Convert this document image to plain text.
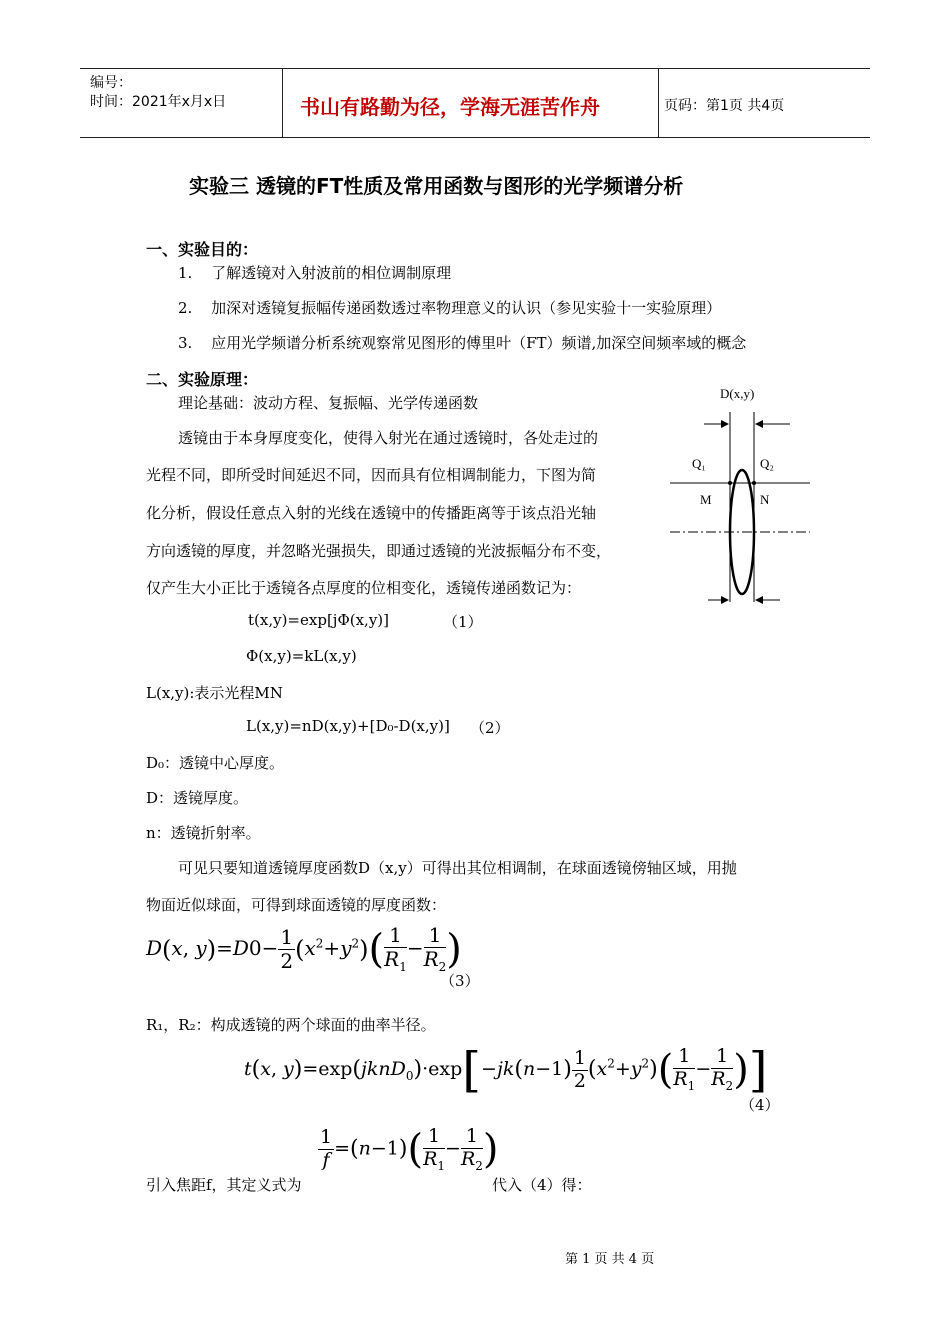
编号：
时间：2021年x月x日	书山有路勤为径，学海无涯苦作舟	页码：第1页 共4页
实验三 透镜的FT性质及常用函数与图形的光学频谱分析
一、实验目的：
1. 了解透镜对入射波前的相位调制原理
2. 加深对透镜复振幅传递函数透过率物理意义的认识（参见实验十一实验原理）
3. 应用光学频谱分析系统观察常见图形的傅里叶（FT）频谱,加深空间频率域的概念
二、实验原理：
理论基础：波动方程、复振幅、光学传递函数
透镜由于本身厚度变化，使得入射光在通过透镜时，各处走过的
光程不同，即所受时间延迟不同，因而具有位相调制能力，下图为简
化分析，假设任意点入射的光线在透镜中的传播距离等于该点沿光轴
方向透镜的厚度，并忽略光强损失，即通过透镜的光波振幅分布不变，
仅产生大小正比于透镜各点厚度的位相变化，透镜传递函数记为：
D(x,y)
Q₁	Q₂
M	N
t(x,y)=exp[jΦ(x,y)]	（1）
Φ(x,y)=kL(x,y)
L(x,y):表示光程MN
L(x,y)=nD(x,y)+[D₀-D(x,y)] （2）
D₀：透镜中心厚度。
D：透镜厚度。
n：透镜折射率。
可见只要知道透镜厚度函数D（x,y）可得出其位相调制，在球面透镜傍轴区域，用抛
物面近似球面，可得到球面透镜的厚度函数：
D(x, $y)=D0- \frac{1}{2} (x^2+y^2)( \frac{1}{R_1} - \frac{1}{R_2}$ )
（3）
R₁，R₂：构成透镜的两个球面的曲率半径。
t(x, y)=exp(jknD$_0$)·exp[−jk(n−1) $\frac{1}{2} (x^2+y^2)( \frac{1}{R_1} - \frac{1}{R_2}$ )]
（4）
引入焦距f，其定义式为
$\frac{1}{f} =(n-1)( \frac{1}{R_1} - \frac{1}{R_2}$ )
代入（4）得：
第 1 页 共 4 页
